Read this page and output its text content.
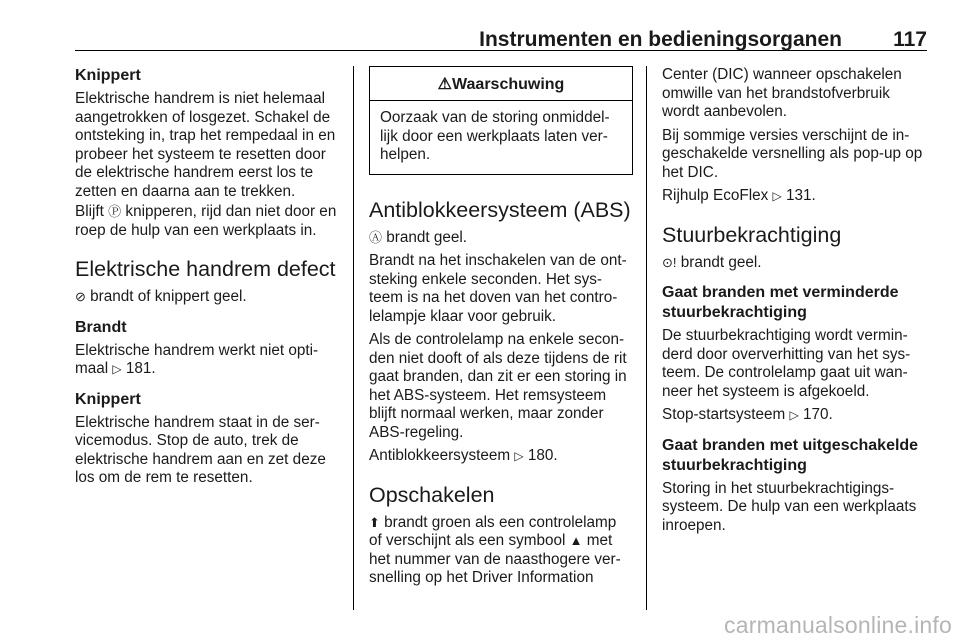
Instrumenten en bedieningsorganen 117
Knippert

Elektrische handrem is niet helemaal aangetrokken of losgezet. Schakel de ontsteking in, trap het rempedaal in en probeer het systeem te resetten door de elektrische handrem eerst los te zetten en daarna aan te trekken.

Blijft Ⓟ knipperen, rijd dan niet door en roep de hulp van een werkplaats in.

Elektrische handrem defect

⊘ brandt of knippert geel.

Brandt

Elektrische handrem werkt niet opti-maal ▷ 181.

Knippert

Elektrische handrem staat in de ser-vicemodus. Stop de auto, trek de elektrische handrem aan en zet deze los om de rem te resetten.

⚠Waarschuwing

Oorzaak van de storing onmiddel-lijk door een werkplaats laten ver-helpen.

Antiblokkeersysteem (ABS)

Ⓐ brandt geel.

Brandt na het inschakelen van de ont-steking enkele seconden. Het sys-teem is na het doven van het contro-lelampje klaar voor gebruik.

Als de controlelamp na enkele secon-den niet dooft of als deze tijdens de rit gaat branden, dan zit er een storing in het ABS-systeem. Het remsysteem blijft normaal werken, maar zonder ABS-regeling.

Antiblokkeersysteem ▷ 180.

Opschakelen

⬆ brandt groen als een controlelamp of verschijnt als een symbool ▲ met het nummer van de naasthogere ver-snelling op het Driver Information

Center (DIC) wanneer opschakelen omwille van het brandstofverbruik wordt aanbevolen.

Bij sommige versies verschijnt de in-geschakelde versnelling als pop-up op het DIC.

Rijhulp EcoFlex ▷ 131.

Stuurbekrachtiging

⊙! brandt geel.

Gaat branden met verminderde stuurbekrachtiging

De stuurbekrachtiging wordt vermin-derd door oververhitting van het sys-teem. De controlelamp gaat uit wan-neer het systeem is afgekoeld.

Stop-startsysteem ▷ 170.

Gaat branden met uitgeschakelde stuurbekrachtiging

Storing in het stuurbekrachtigings-systeem. De hulp van een werkplaats inroepen.

carmanualsonline.info
